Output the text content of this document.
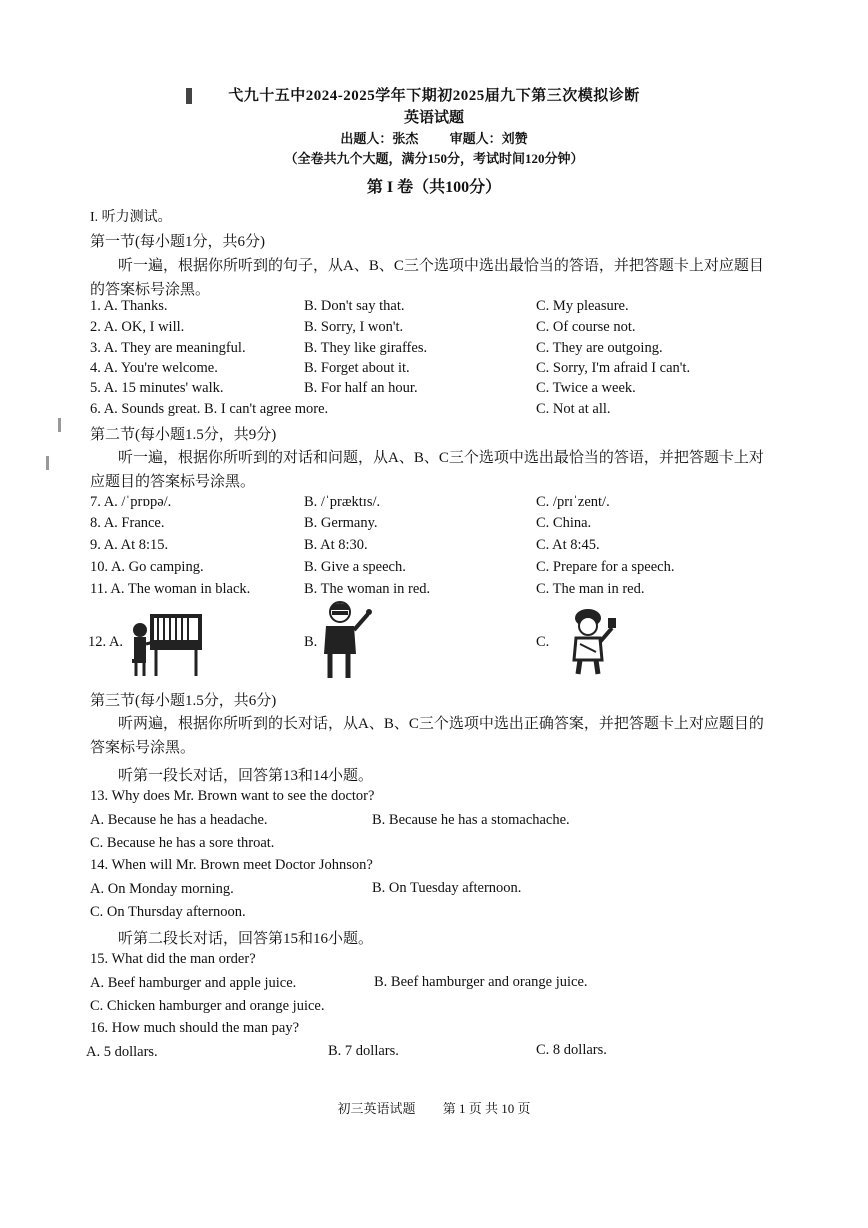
弋九十五中2024-2025学年下期初2025届九下第三次模拟诊断
英语试题
出题人：张杰 审题人：刘赞
（全卷共九个大题，满分150分，考试时间120分钟）
第 I 卷（共100分）
I. 听力测试。
第一节(每小题1分，共6分)
听一遍，根据你所听到的句子，从A、B、C三个选项中选出最恰当的答语，并把答题卡上对应题目的答案标号涂黑。
1. A. Thanks.	B. Don't say that.	C. My pleasure.
2. A. OK, I will.	B. Sorry, I won't.	C. Of course not.
3. A. They are meaningful.	B. They like giraffes.	C. They are outgoing.
4. A. You're welcome.	B. Forget about it.	C. Sorry, I'm afraid I can't.
5. A. 15 minutes' walk.	B. For half an hour.	C. Twice a week.
6. A. Sounds great. B. I can't agree more.	C. Not at all.
第二节(每小题1.5分，共9分)
听一遍，根据你所听到的对话和问题，从A、B、C三个选项中选出最恰当的答语，并把答题卡上对应题目的答案标号涂黑。
7. A. /ˈprɒpə/.	B. /ˈpræktɪs/.	C. /prɪˈzent/.
8. A. France.	B. Germany.	C. China.
9. A. At 8:15.	B. At 8:30.	C. At 8:45.
10. A. Go camping.	B. Give a speech.	C. Prepare for a speech.
11. A. The woman in black.	B. The woman in red.	C. The man in red.
12. A.	B.	C.
第三节(每小题1.5分，共6分)
听两遍，根据你所听到的长对话，从A、B、C三个选项中选出正确答案，并把答题卡上对应题目的答案标号涂黑。
听第一段长对话，回答第13和14小题。
13. Why does Mr. Brown want to see the doctor?
A. Because he has a headache.	B. Because he has a stomachache.
C. Because he has a sore throat.
14. When will Mr. Brown meet Doctor Johnson?
A. On Monday morning.	B. On Tuesday afternoon.
C. On Thursday afternoon.
听第二段长对话，回答第15和16小题。
15. What did the man order?
A. Beef hamburger and apple juice.	B. Beef hamburger and orange juice.
C. Chicken hamburger and orange juice.
16. How much should the man pay?
A. 5 dollars.	B. 7 dollars.	C. 8 dollars.
初三英语试题 第 1 页 共 10 页
